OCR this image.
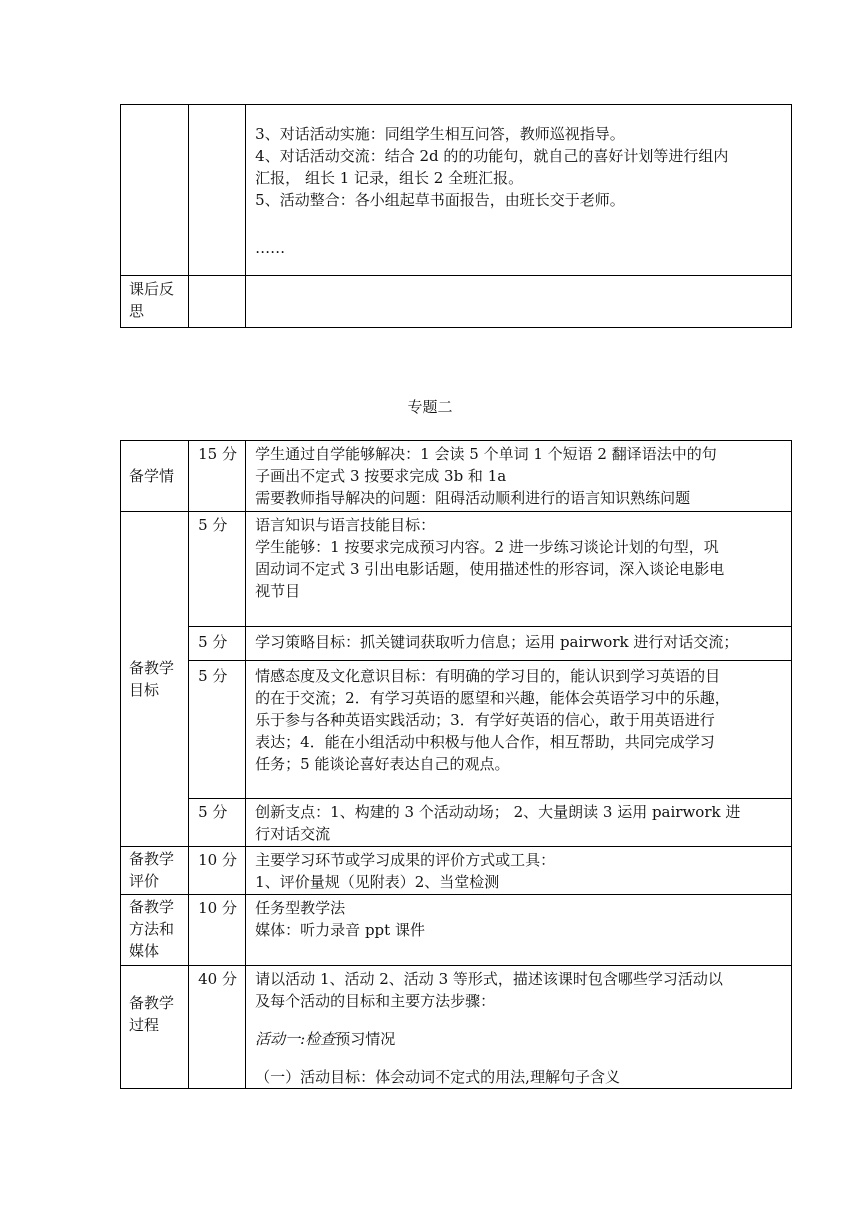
		3、对话活动实施：同组学生相互问答，教师巡视指导。
4、对话活动交流：结合 2d 的的功能句，就自己的喜好计划等进行组内
汇报， 组长 1 记录，组长 2 全班汇报。
5、活动整合：各小组起草书面报告，由班长交于老师。
……

课后反思		
专题二
备学情	15 分	学生通过自学能够解决：1 会读 5 个单词 1 个短语 2 翻译语法中的句
子画出不定式 3 按要求完成 3b 和 1a
需要教师指导解决的问题：阻碍活动顺利进行的语言知识熟练问题

备教学目标	5 分	语言知识与语言技能目标：
学生能够：1 按要求完成预习内容。2 进一步练习谈论计划的句型，巩
固动词不定式 3 引出电影话题，使用描述性的形容词，深入谈论电影电
视节目

	5 分	学习策略目标：抓关键词获取听力信息；运用 pairwork 进行对话交流；

	5 分	情感态度及文化意识目标：有明确的学习目的，能认识到学习英语的目
的在于交流；2．有学习英语的愿望和兴趣，能体会英语学习中的乐趣，
乐于参与各种英语实践活动；3．有学好英语的信心，敢于用英语进行
表达；4．能在小组活动中积极与他人合作，相互帮助，共同完成学习
任务；5 能谈论喜好表达自己的观点。

	5 分	创新支点：1、构建的 3 个活动动场； 2、大量朗读 3 运用 pairwork 进
行对话交流

备教学评价	10 分	主要学习环节或学习成果的评价方式或工具：
1、评价量规（见附表）2、当堂检测

备教学方法和媒体	10 分	任务型教学法
媒体：听力录音 ppt 课件

备教学过程	40 分	请以活动 1、活动 2、活动 3 等形式，描述该课时包含哪些学习活动以
及每个活动的目标和主要方法步骤：
活动一:检查预习情况
（一）活动目标：体会动词不定式的用法,理解句子含义
